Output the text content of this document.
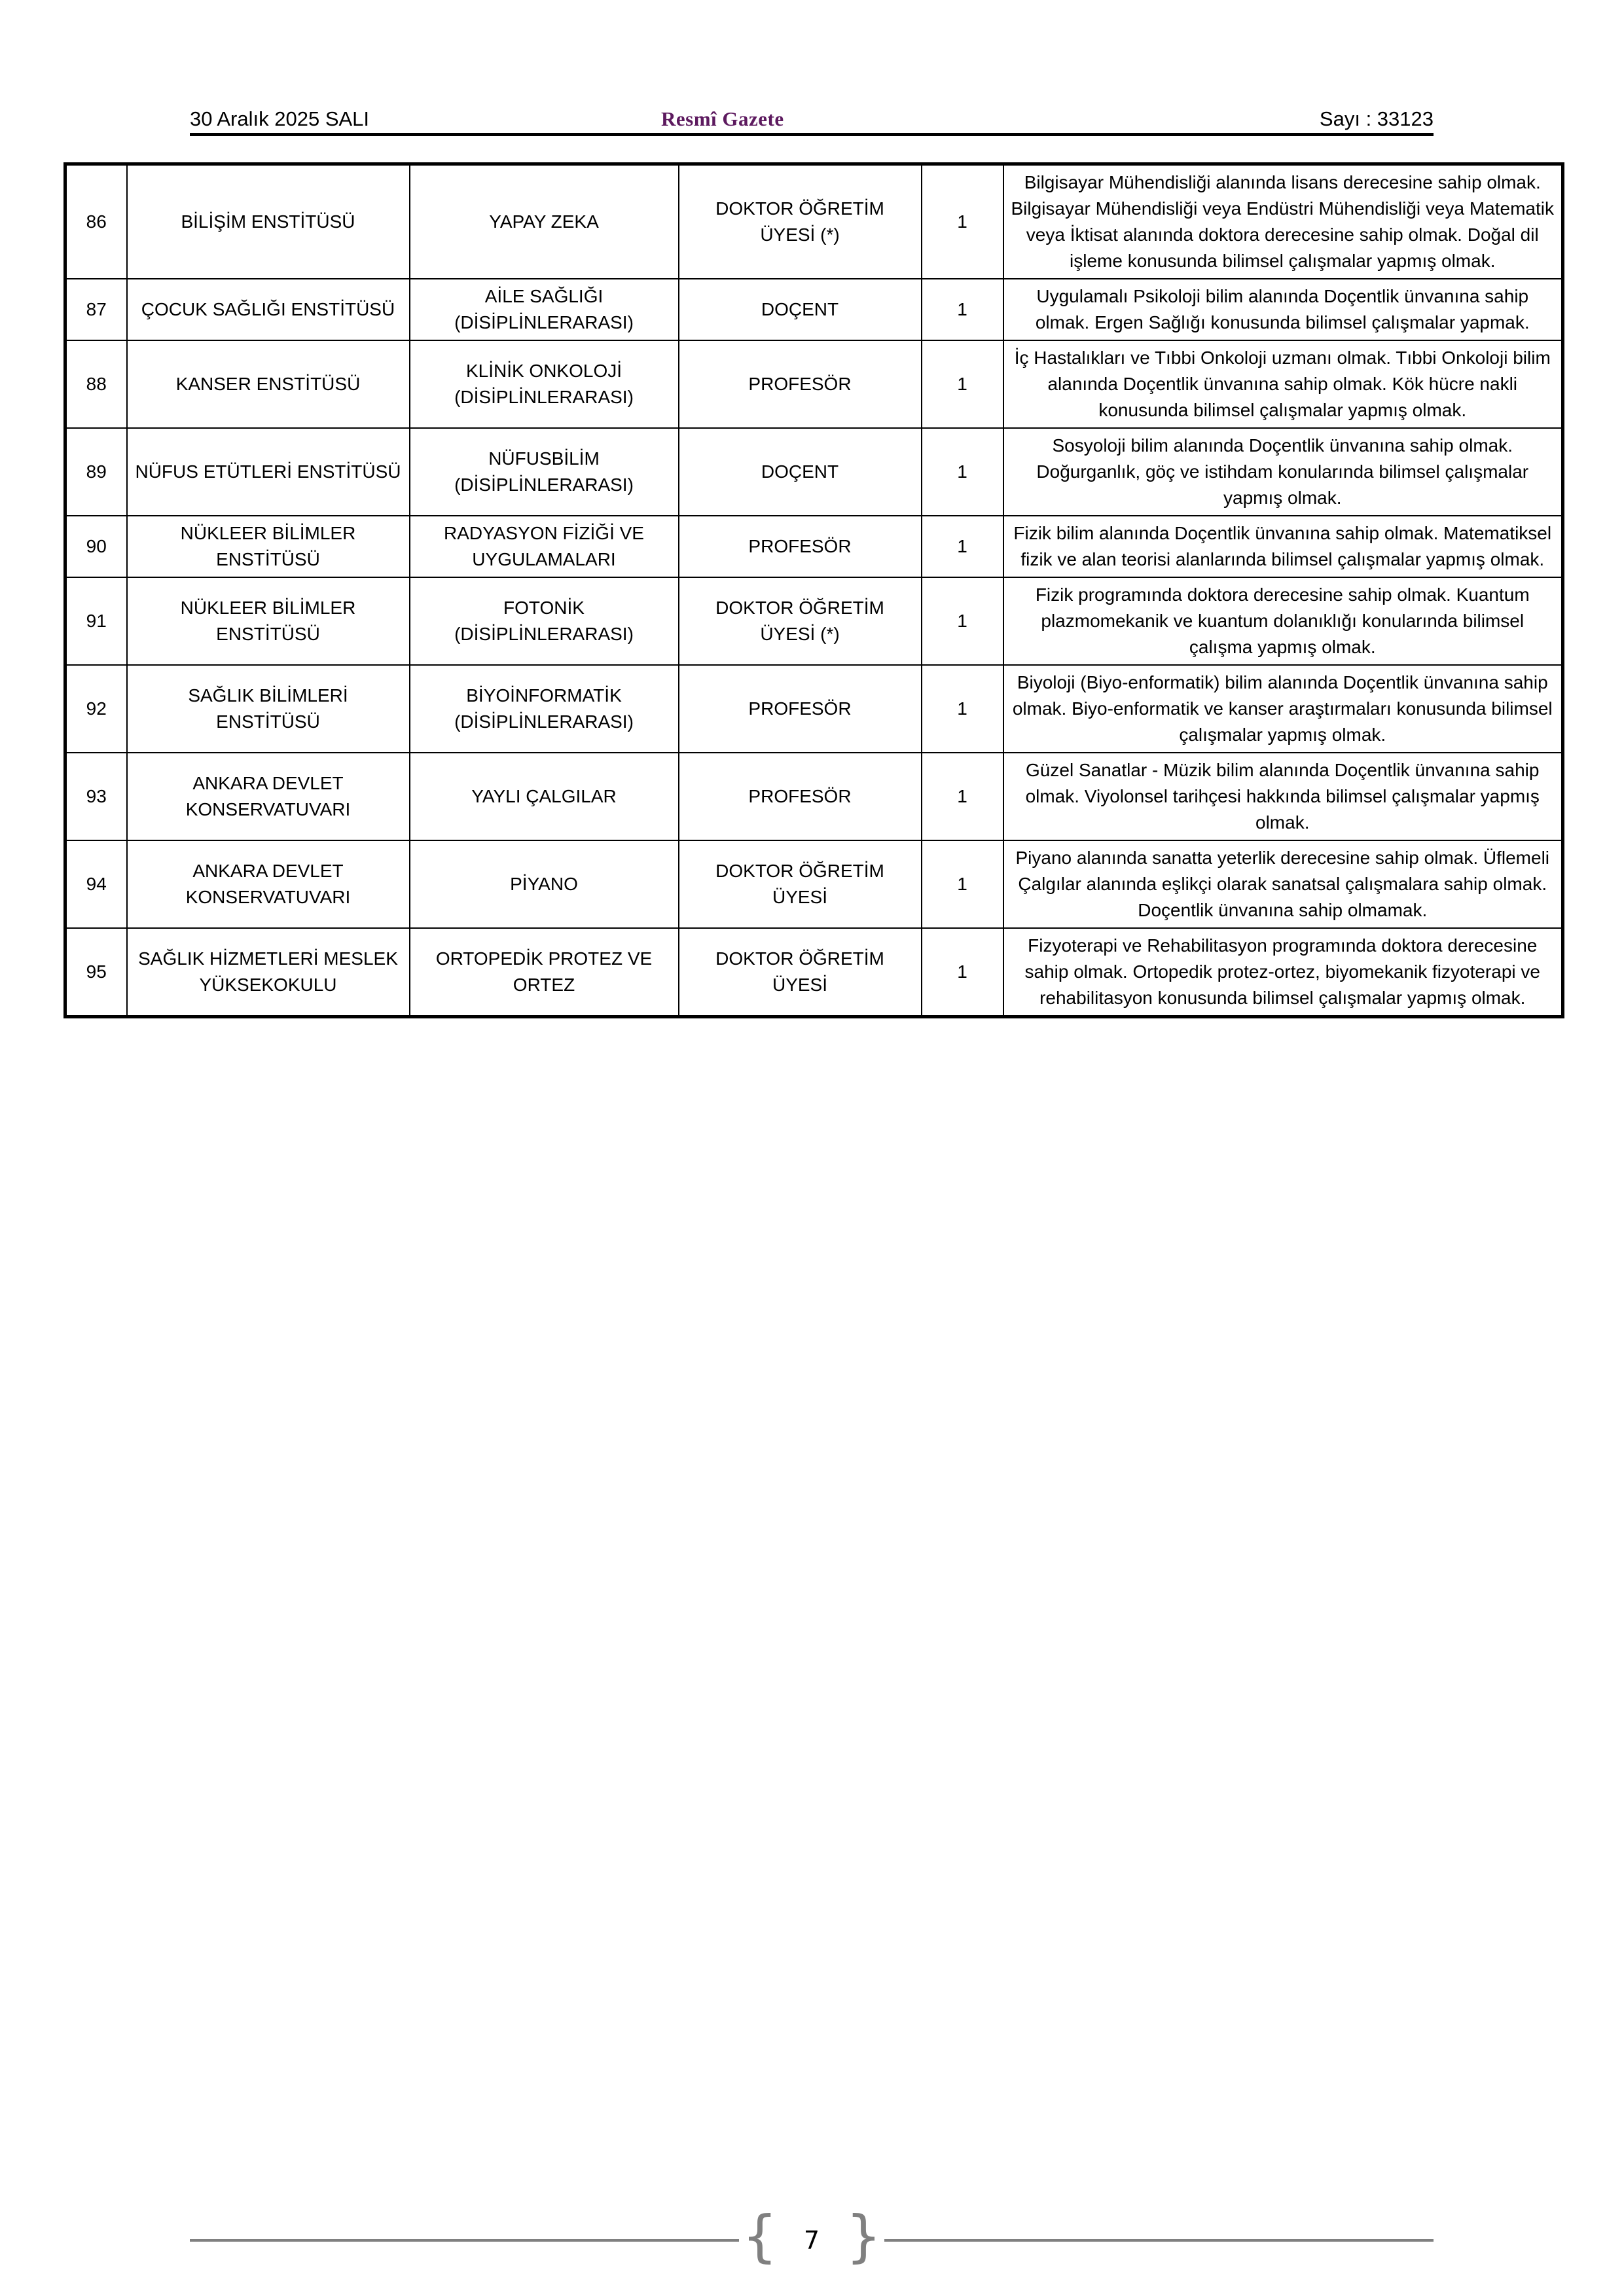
30 Aralık 2025 SALI	Resmî Gazete	Sayı : 33123
86	BİLİŞİM ENSTİTÜSÜ	YAPAY ZEKA	DOKTOR ÖĞRETİM ÜYESİ (*)	1	Bilgisayar Mühendisliği alanında lisans derecesine sahip olmak. Bilgisayar Mühendisliği veya Endüstri Mühendisliği veya Matematik veya İktisat alanında doktora derecesine sahip olmak. Doğal dil işleme konusunda bilimsel çalışmalar yapmış olmak.
87	ÇOCUK SAĞLIĞI ENSTİTÜSÜ	AİLE SAĞLIĞI (DİSİPLİNLERARASI)	DOÇENT	1	Uygulamalı Psikoloji bilim alanında Doçentlik ünvanına sahip olmak. Ergen Sağlığı konusunda bilimsel çalışmalar yapmak.
88	KANSER ENSTİTÜSÜ	KLİNİK ONKOLOJİ (DİSİPLİNLERARASI)	PROFESÖR	1	İç Hastalıkları ve Tıbbi Onkoloji uzmanı olmak. Tıbbi Onkoloji bilim alanında Doçentlik ünvanına sahip olmak. Kök hücre nakli konusunda bilimsel çalışmalar yapmış olmak.
89	NÜFUS ETÜTLERİ ENSTİTÜSÜ	NÜFUSBİLİM (DİSİPLİNLERARASI)	DOÇENT	1	Sosyoloji bilim alanında Doçentlik ünvanına sahip olmak. Doğurganlık, göç ve istihdam konularında bilimsel çalışmalar yapmış olmak.
90	NÜKLEER BİLİMLER ENSTİTÜSÜ	RADYASYON FİZİĞİ VE UYGULAMALARI	PROFESÖR	1	Fizik bilim alanında Doçentlik ünvanına sahip olmak. Matematiksel fizik ve alan teorisi alanlarında bilimsel çalışmalar yapmış olmak.
91	NÜKLEER BİLİMLER ENSTİTÜSÜ	FOTONİK (DİSİPLİNLERARASI)	DOKTOR ÖĞRETİM ÜYESİ (*)	1	Fizik programında doktora derecesine sahip olmak. Kuantum plazmomekanik ve kuantum dolanıklığı konularında bilimsel çalışma yapmış olmak.
92	SAĞLIK BİLİMLERİ ENSTİTÜSÜ	BİYOİNFORMATİK (DİSİPLİNLERARASI)	PROFESÖR	1	Biyoloji (Biyo-enformatik) bilim alanında Doçentlik ünvanına sahip olmak. Biyo-enformatik ve kanser araştırmaları konusunda bilimsel çalışmalar yapmış olmak.
93	ANKARA DEVLET KONSERVATUVARI	YAYLI ÇALGILAR	PROFESÖR	1	Güzel Sanatlar - Müzik bilim alanında Doçentlik ünvanına sahip olmak. Viyolonsel tarihçesi hakkında bilimsel çalışmalar yapmış olmak.
94	ANKARA DEVLET KONSERVATUVARI	PİYANO	DOKTOR ÖĞRETİM ÜYESİ	1	Piyano alanında sanatta yeterlik derecesine sahip olmak. Üflemeli Çalgılar alanında eşlikçi olarak sanatsal çalışmalara sahip olmak. Doçentlik ünvanına sahip olmamak.
95	SAĞLIK HİZMETLERİ MESLEK YÜKSEKOKULU	ORTOPEDİK PROTEZ VE ORTEZ	DOKTOR ÖĞRETİM ÜYESİ	1	Fizyoterapi ve Rehabilitasyon programında doktora derecesine sahip olmak. Ortopedik protez-ortez, biyomekanik fizyoterapi ve rehabilitasyon konusunda bilimsel çalışmalar yapmış olmak.
{	7 }
